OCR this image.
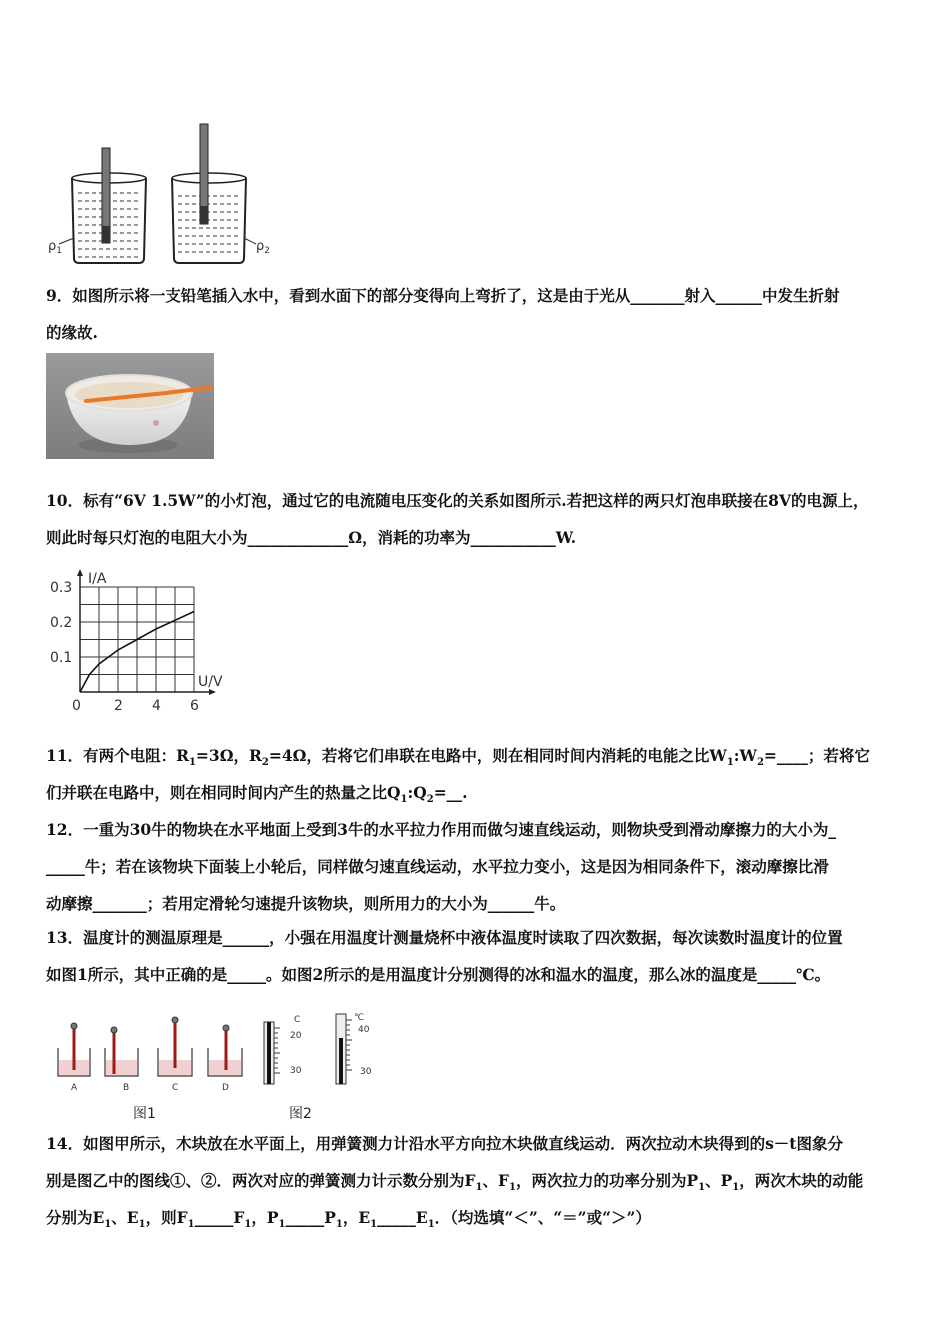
$\rho_1$	$\rho_2$
9．如图所示将一支铅笔插入水中，看到水面下的部分变得向上弯折了，这是由于光从_______射入______中发生折射
的缘故.
10．标有“6V 1.5W”的小灯泡，通过它的电流随电压变化的关系如图所示.若把这样的两只灯泡串联接在8V的电源上，
则此时每只灯泡的电阻大小为_____________Ω，消耗的功率为___________W.
I/A
U/V
0 2 4 6
0.1
0.2
0.3
11．有两个电阻：$R_1=3\Omega$，$R_2=4\Omega$，若将它们串联在电路中，则在相同时间内消耗的电能之比$W_1:W_2=\_\_\_\_$；若将它
们并联在电路中，则在相同时间内产生的热量之比$Q_1:Q_2=\_\_$.
12．一重为30牛的物块在水平地面上受到3牛的水平拉力作用而做匀速直线运动，则物块受到滑动摩擦力的大小为_
_____牛；若在该物块下面装上小轮后，同样做匀速直线运动，水平拉力变小，这是因为相同条件下，滚动摩擦比滑
动摩擦_______；若用定滑轮匀速提升该物块，则所用力的大小为______牛。
13．温度计的测温原理是______，小强在用温度计测量烧杯中液体温度时读取了四次数据，每次读数时温度计的位置
如图1所示，其中正确的是_____。如图2所示的是用温度计分别测得的冰和温水的温度，那么冰的温度是_____℃。
A	B	C	D
C
20
30
℃
40
30
图1	图2
14．如图甲所示，木块放在水平面上，用弹簧测力计沿水平方向拉木块做直线运动．两次拉动木块得到的s－t图象分
别是图乙中的图线①、②．两次对应的弹簧测力计示数分别为$F_1$、$F_1$，两次拉力的功率分别为$P_1$、$P_1$，两次木块的动能
分别为$E_1$、$E_1$，则$F_1\_\_\_\_\_F_1$，$P_1\_\_\_\_\_P_1$，$E_1\_\_\_\_\_E_1$．（均选填“＜”、“＝”或“＞”）
